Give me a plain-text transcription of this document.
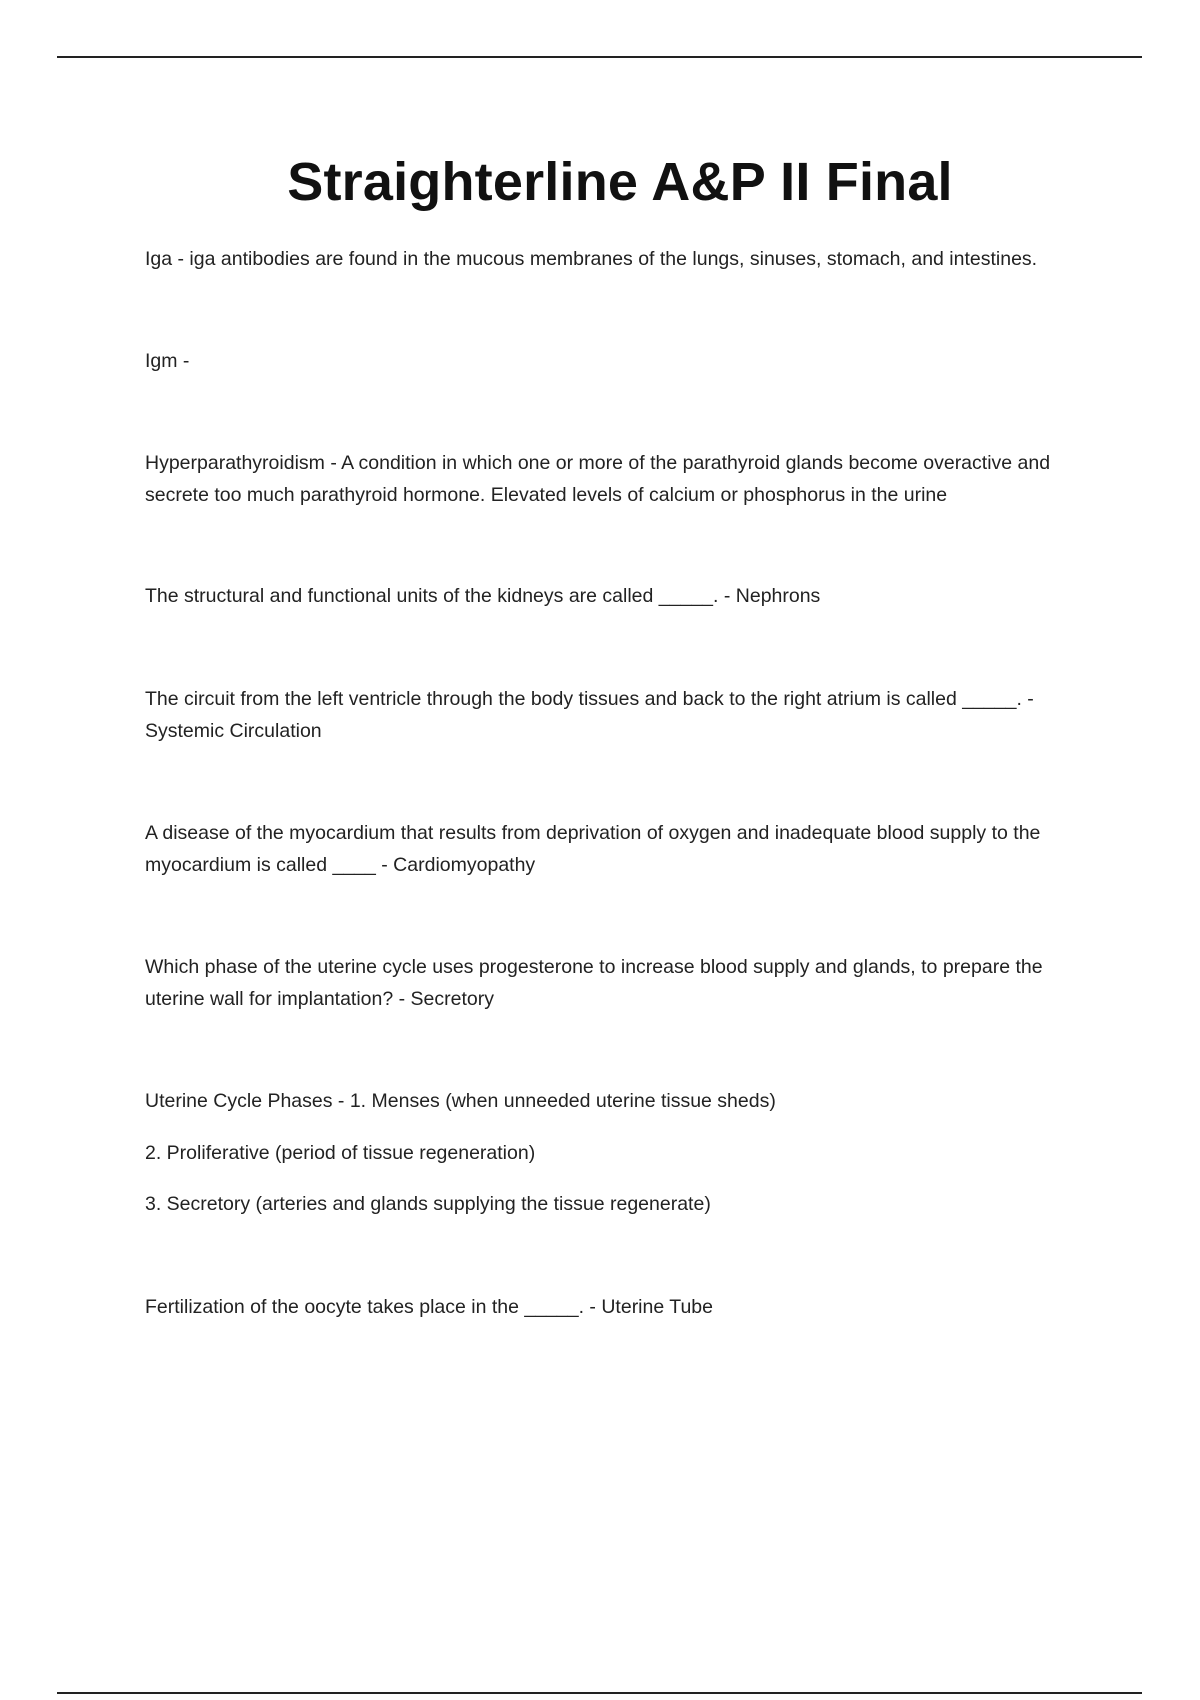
Straighterline A&P II Final
Iga - iga antibodies are found in the mucous membranes of the lungs, sinuses, stomach, and intestines.
Igm -
Hyperparathyroidism - A condition in which one or more of the parathyroid glands become overactive and secrete too much parathyroid hormone. Elevated levels of calcium or phosphorus in the urine
The structural and functional units of the kidneys are called _____. - Nephrons
The circuit from the left ventricle through the body tissues and back to the right atrium is called _____. - Systemic Circulation
A disease of the myocardium that results from deprivation of oxygen and inadequate blood supply to the myocardium is called ____ - Cardiomyopathy
Which phase of the uterine cycle uses progesterone to increase blood supply and glands, to prepare the uterine wall for implantation? - Secretory
Uterine Cycle Phases - 1. Menses (when unneeded uterine tissue sheds)
2. Proliferative (period of tissue regeneration)
3. Secretory (arteries and glands supplying the tissue regenerate)
Fertilization of the oocyte takes place in the _____. - Uterine Tube
